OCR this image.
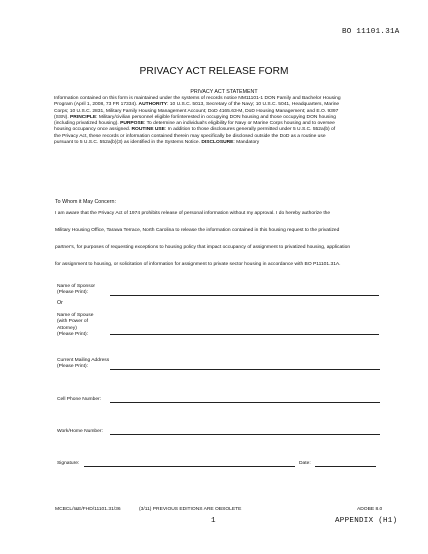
BO 11101.31A
PRIVACY ACT RELEASE FORM
PRIVACY ACT STATEMENT
Information contained on this form is maintained under the systems of records notice NM11101-1 DON Family and Bachelor Housing
Program (April 1, 2008, 73 FR 17334). AUTHORITY: 10 U.S.C. 5013, Secretary of the Navy; 10 U.S.C. 5041, Headquarters, Marine
Corps; 10 U.S.C. 2831, Military Family Housing Management Account; DoD 4165.63-M, DoD Housing Management; and E.O. 9397
(SSN). PRINCIPLE: Military/civilian personnel eligible for/interested in occupying DON housing and those occupying DON housing
(including privatized housing). PURPOSE: To determine an individual's eligibility for Navy or Marine Corps housing and to oversee
housing occupancy once assigned. ROUTINE USE: In addition to those disclosures generally permitted under 5 U.S.C. 552a(b) of
the Privacy Act, these records or information contained therein may specifically be disclosed outside the DoD as a routine use
pursuant to 5 U.S.C. 552a(b)(3) as identified in the Systems Notice. DISCLOSURE: Mandatory
To Whom it May Concern:
I am aware that the Privacy Act of 1974 prohibits release of personal information without my approval. I do hereby authorize the
Military Housing Office, Tarawa Terrace, North Carolina to release the information contained in this housing request to the privatized
partner's, for purposes of requesting exceptions to housing policy that impact occupancy of assignment to privatized housing, application
for assignment to housing, or solicitation of information for assignment to private sector housing in accordance with BO P11101.31A.
Name of Sponsor
(Please Print):
Or
Name of Spouse
(with Power of
Attorney)
(Please Print):
Current Mailing Address
(Please Print):
Cell Phone Number:
Work/Home Number:
Signature:	Date:
MCBCL/I&E/FHD/11101.31/36	(3/11) PREVIOUS EDITIONS ARE OBSOLETE	ADOBE 8.0
1	APPENDIX (H1)
